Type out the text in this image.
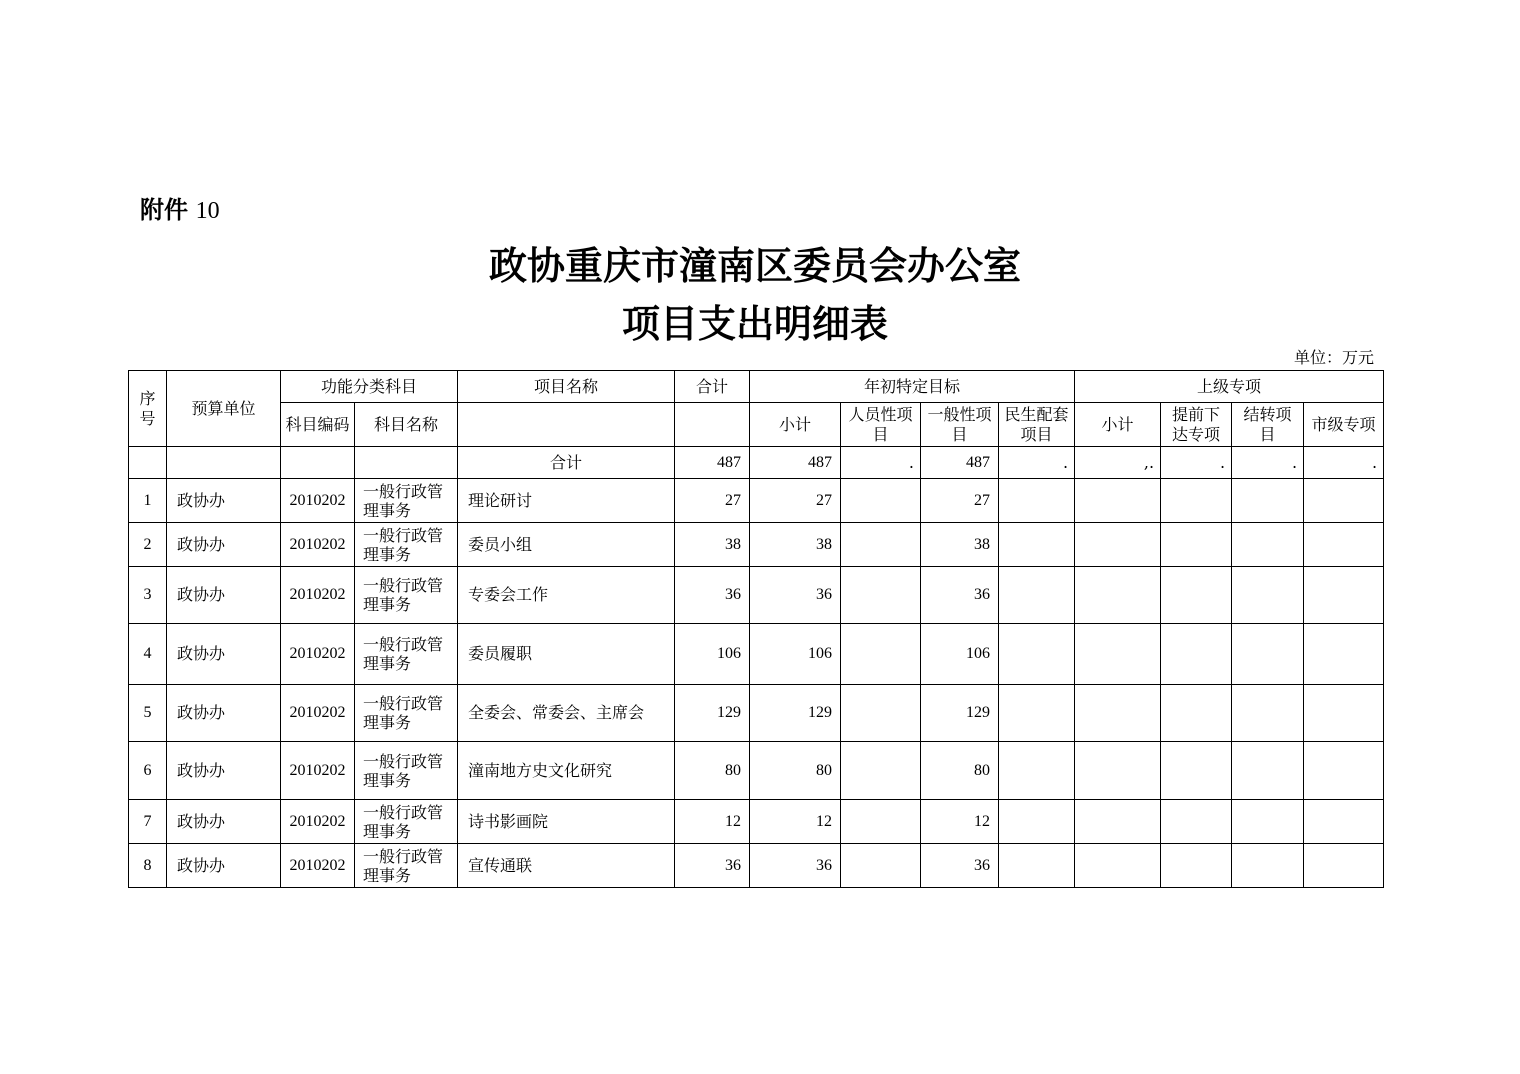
附件 10
政协重庆市潼南区委员会办公室
项目支出明细表
单位：万元
序号	预算单位	功能分类科目		项目名称	合计	年初特定目标				上级专项			
		科目编码	科目名称			小计	人员性项目	一般性项目	民生配套项目	小计	提前下达专项	结转项目	市级专项
				合计	487	487	.	487	.	,.	.	.	.
1	政协办	2010202	一般行政管理事务	理论研讨	27	27		27					
2	政协办	2010202	一般行政管理事务	委员小组	38	38		38					
3	政协办	2010202	一般行政管理事务	专委会工作	36	36		36					
4	政协办	2010202	一般行政管理事务	委员履职	106	106		106					
5	政协办	2010202	一般行政管理事务	全委会、常委会、主席会	129	129		129					
6	政协办	2010202	一般行政管理事务	潼南地方史文化研究	80	80		80					
7	政协办	2010202	一般行政管理事务	诗书影画院	12	12		12					
8	政协办	2010202	一般行政管理事务	宣传通联	36	36		36					
